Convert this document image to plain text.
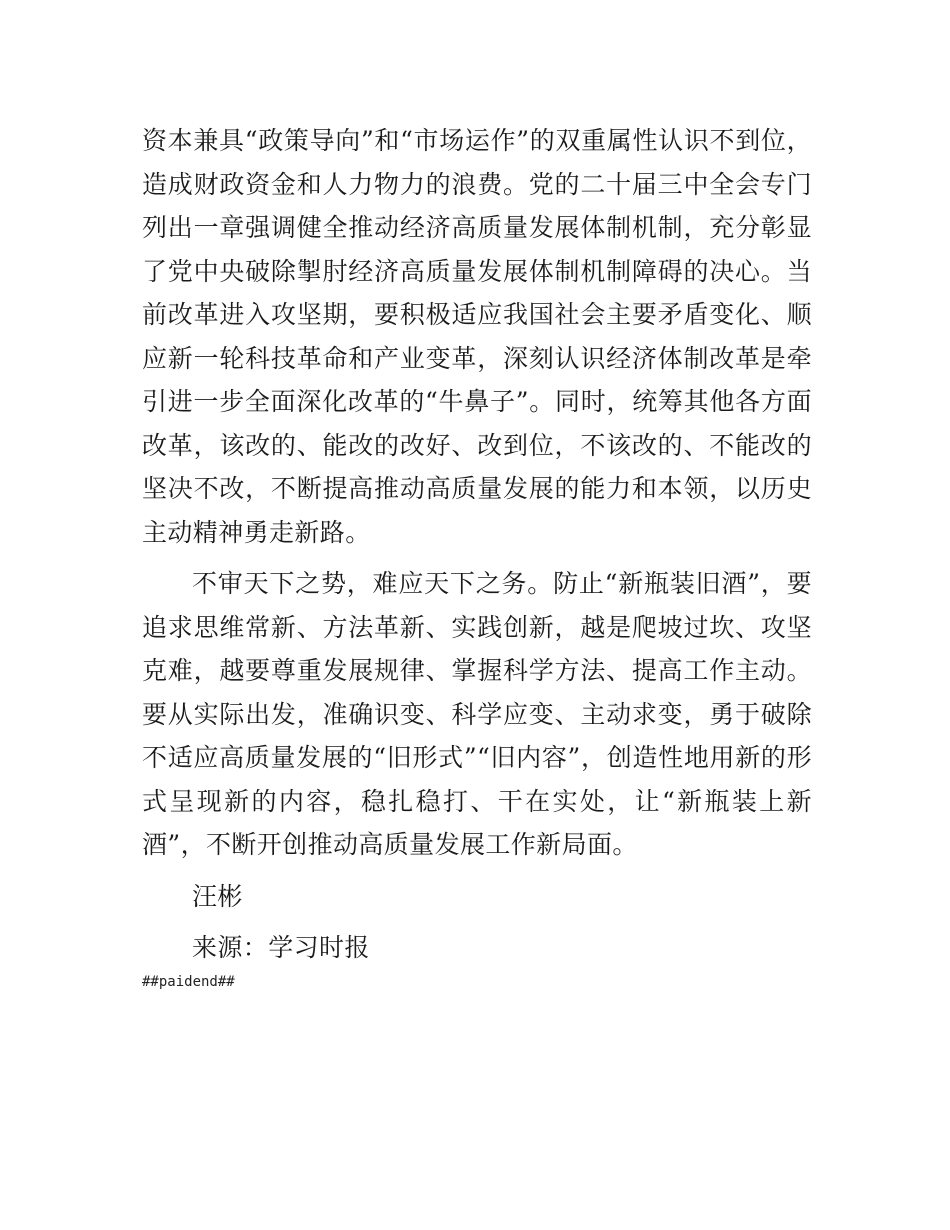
资本兼具“政策导向”和“市场运作”的双重属性认识不到位，造成财政资金和人力物力的浪费。党的二十届三中全会专门列出一章强调健全推动经济高质量发展体制机制，充分彰显了党中央破除掣肘经济高质量发展体制机制障碍的决心。当前改革进入攻坚期，要积极适应我国社会主要矛盾变化、顺应新一轮科技革命和产业变革，深刻认识经济体制改革是牵引进一步全面深化改革的“牛鼻子”。同时，统筹其他各方面改革，该改的、能改的改好、改到位，不该改的、不能改的坚决不改，不断提高推动高质量发展的能力和本领，以历史主动精神勇走新路。

不审天下之势，难应天下之务。防止“新瓶装旧酒”，要追求思维常新、方法革新、实践创新，越是爬坡过坎、攻坚克难，越要尊重发展规律、掌握科学方法、提高工作主动。要从实际出发，准确识变、科学应变、主动求变，勇于破除不适应高质量发展的“旧形式”“旧内容”，创造性地用新的形式呈现新的内容，稳扎稳打、干在实处，让“新瓶装上新酒”，不断开创推动高质量发展工作新局面。

汪彬

来源：学习时报

##paidend##
